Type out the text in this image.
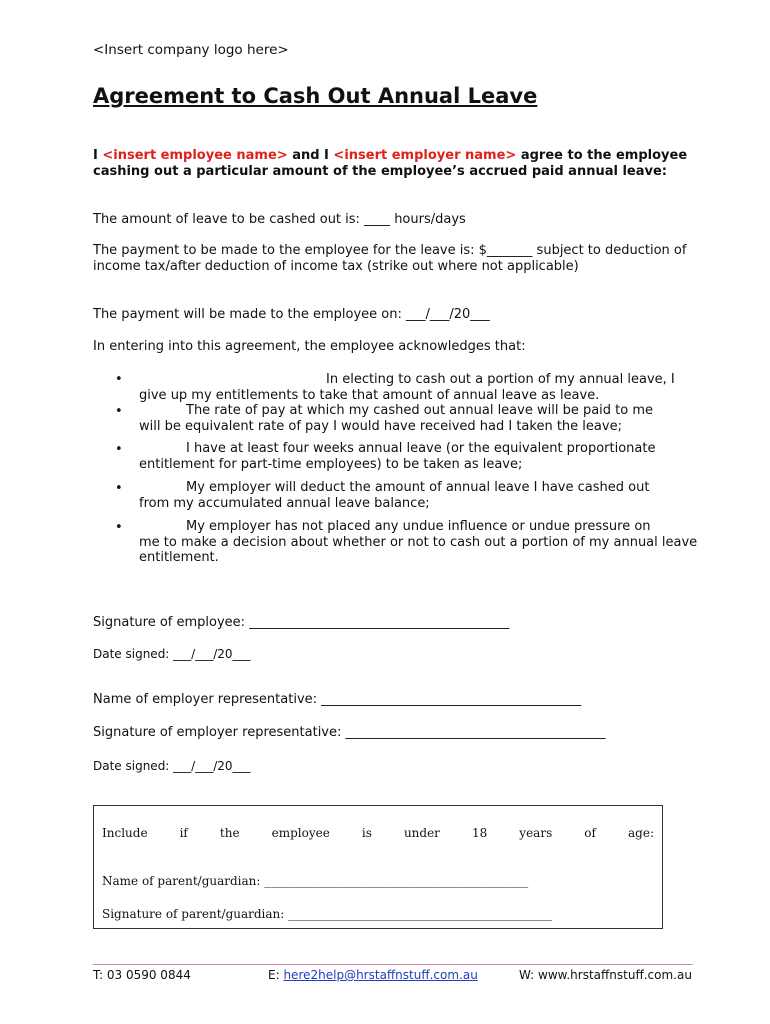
<Insert company logo here>
Agreement to Cash Out Annual Leave
I <insert employee name> and I <insert employer name> agree to the employee cashing out a particular amount of the employee’s accrued paid annual leave:
The amount of leave to be cashed out is: ____ hours/days
The payment to be made to the employee for the leave is: $_______ subject to deduction of income tax/after deduction of income tax (strike out where not applicable)
The payment will be made to the employee on: ___/___/20___
In entering into this agreement, the employee acknowledges that:
•	In electing to cash out a portion of my annual leave, I
give up my entitlements to take that amount of annual leave as leave.
•	The rate of pay at which my cashed out annual leave will be paid to me
will be equivalent rate of pay I would have received had I taken the leave;
•	I have at least four weeks annual leave (or the equivalent proportionate
entitlement for part-time employees) to be taken as leave;
•	My employer will deduct the amount of annual leave I have cashed out
from my accumulated annual leave balance;
•	My employer has not placed any undue influence or undue pressure on
me to make a decision about whether or not to cash out a portion of my annual leave entitlement.
Signature of employee: ________________________________________
Date signed: ___/___/20___
Name of employer representative: ________________________________________
Signature of employer representative: ________________________________________
Date signed: ___/___/20___
Include	if	the	employee	is	under	18	years	of	age:
Name of parent/guardian: ____________________________________________
Signature of parent/guardian: ____________________________________________
T: 03 0590 0844	E: here2help@hrstaffnstuff.com.au	W: www.hrstaffnstuff.com.au
